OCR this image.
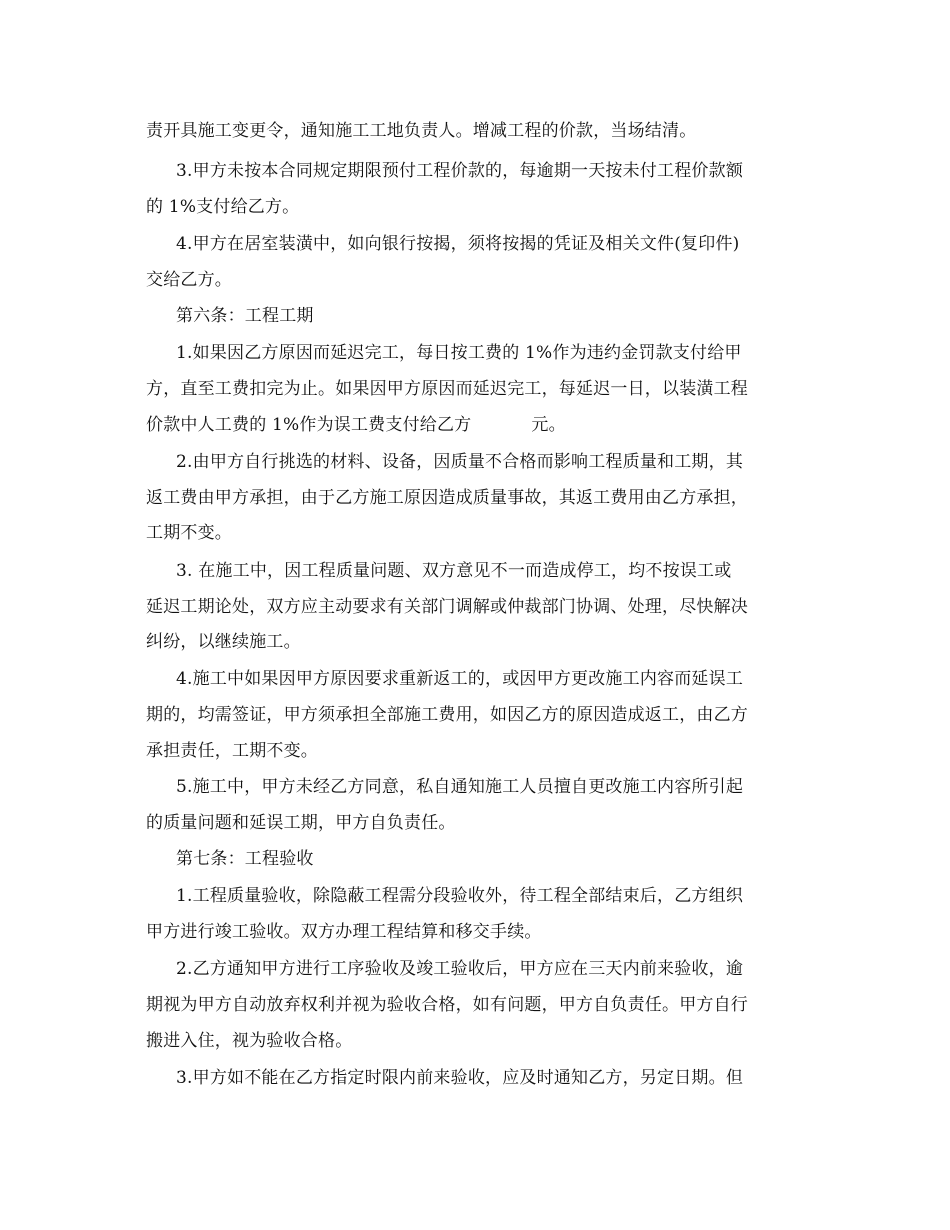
责开具施工变更令，通知施工工地负责人。增减工程的价款，当场结清。
3.甲方未按本合同规定期限预付工程价款的，每逾期一天按未付工程价款额
的 1%支付给乙方。
4.甲方在居室装潢中，如向银行按揭，须将按揭的凭证及相关文件(复印件)
交给乙方。
第六条：工程工期
1.如果因乙方原因而延迟完工，每日按工费的 1%作为违约金罚款支付给甲
方，直至工费扣完为止。如果因甲方原因而延迟完工，每延迟一日，以装潢工程
价款中人工费的 1%作为误工费支付给乙方	元。
2.由甲方自行挑选的材料、设备，因质量不合格而影响工程质量和工期，其
返工费由甲方承担，由于乙方施工原因造成质量事故，其返工费用由乙方承担，
工期不变。
3. 在施工中，因工程质量问题、双方意见不一而造成停工，均不按误工或
延迟工期论处，双方应主动要求有关部门调解或仲裁部门协调、处理，尽快解决
纠纷，以继续施工。
4.施工中如果因甲方原因要求重新返工的，或因甲方更改施工内容而延误工
期的，均需签证，甲方须承担全部施工费用，如因乙方的原因造成返工，由乙方
承担责任，工期不变。
5.施工中，甲方未经乙方同意，私自通知施工人员擅自更改施工内容所引起
的质量问题和延误工期，甲方自负责任。
第七条：工程验收
1.工程质量验收，除隐蔽工程需分段验收外，待工程全部结束后，乙方组织
甲方进行竣工验收。双方办理工程结算和移交手续。
2.乙方通知甲方进行工序验收及竣工验收后，甲方应在三天内前来验收，逾
期视为甲方自动放弃权利并视为验收合格，如有问题，甲方自负责任。甲方自行
搬进入住，视为验收合格。
3.甲方如不能在乙方指定时限内前来验收，应及时通知乙方，另定日期。但
